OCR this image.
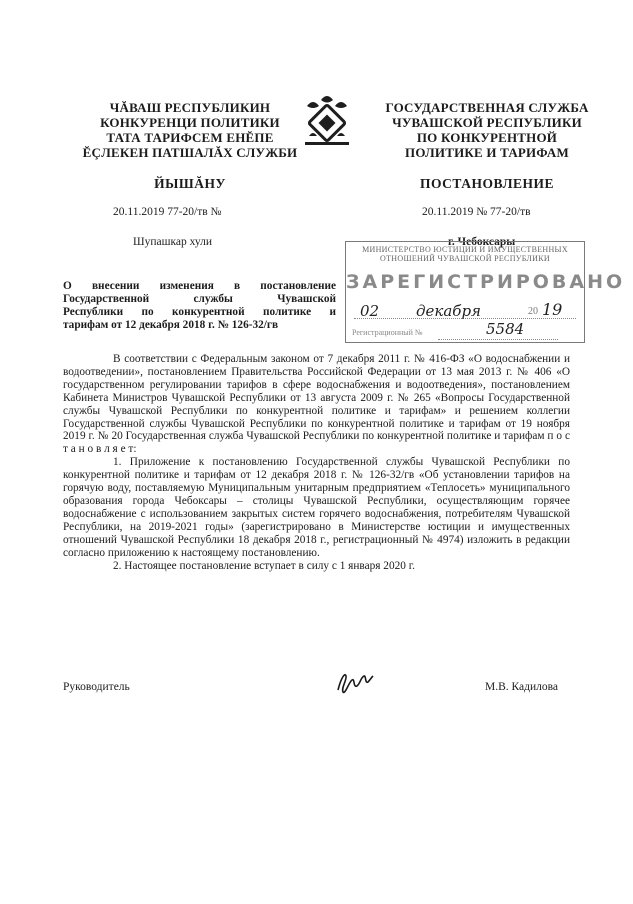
ЧĂВАШ РЕСПУБЛИКИН
КОНКУРЕНЦИ ПОЛИТИКИ
ТАТА ТАРИФСЕМ ЕНĔПЕ
ĔÇЛЕКЕН ПАТШАЛĂХ СЛУЖБИ
ГОСУДАРСТВЕННАЯ СЛУЖБА
ЧУВАШСКОЙ РЕСПУБЛИКИ
ПО КОНКУРЕНТНОЙ
ПОЛИТИКЕ И ТАРИФАМ
ЙЫШĂНУ	ПОСТАНОВЛЕНИЕ
20.11.2019 77-20/тв №	20.11.2019 № 77-20/тв
Шупашкар хули	г. Чебоксары
МИНИСТЕРСТВО ЮСТИЦИИ И ИМУЩЕСТВЕННЫХ
ОТНОШЕНИЙ ЧУВАШСКОЙ РЕСПУБЛИКИ
ЗАРЕГИСТРИРОВАНО
02 декабря	20 19
Регистрационный №	5584
О внесении изменения в постановление
Государственной службы Чувашской
Республики по конкурентной политике и
тарифам от 12 декабря 2018 г. № 126-32/гв

В соответствии с Федеральным законом от 7 декабря 2011 г. № 416-ФЗ «О водоснабжении и водоотведении», постановлением Правительства Российской Федерации от 13 мая 2013 г. № 406 «О государственном регулировании тарифов в сфере водоснабжения и водоотведения», постановлением Кабинета Министров Чувашской Республики от 13 августа 2009 г. № 265 «Вопросы Государственной службы Чувашской Республики по конкурентной политике и тарифам» и решением коллегии Государственной службы Чувашской Республики по конкурентной политике и тарифам от 19 ноября 2019 г. № 20 Государственная служба Чувашской Республики по конкурентной политике и тарифам п о с т а н о в л я е т:

1. Приложение к постановлению Государственной службы Чувашской Республики по конкурентной политике и тарифам от 12 декабря 2018 г. № 126-32/гв «Об установлении тарифов на горячую воду, поставляемую Муниципальным унитарным предприятием «Теплосеть» муниципального образования города Чебоксары – столицы Чувашской Республики, осуществляющим горячее водоснабжение с использованием закрытых систем горячего водоснабжения, потребителям Чувашской Республики, на 2019-2021 годы» (зарегистрировано в Министерстве юстиции и имущественных отношений Чувашской Республики 18 декабря 2018 г., регистрационный № 4974) изложить в редакции согласно приложению к настоящему постановлению.

2. Настоящее постановление вступает в силу с 1 января 2020 г.

Руководитель	М.В. Кадилова
